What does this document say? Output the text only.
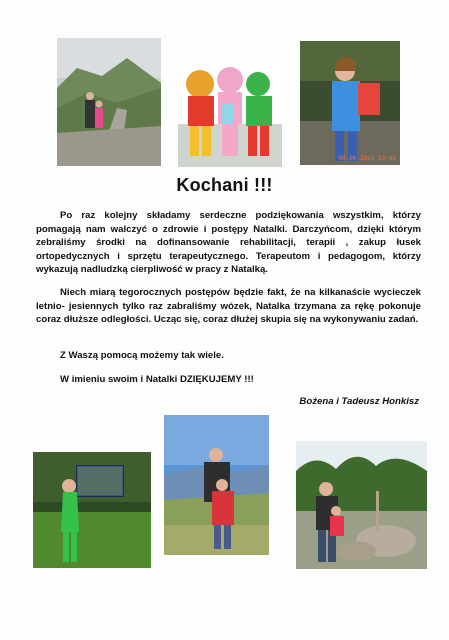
08.08.2014 13:00
Kochani !!!
Po raz kolejny składamy serdeczne podziękowania wszystkim, którzy pomagają nam walczyć o zdrowie i postępy Natalki. Darczyńcom, dzięki którym zebraliśmy środki na dofinansowanie rehabilitacji, terapii , zakup łusek ortopedycznych i sprzętu terapeutycznego. Terapeutom i pedagogom, którzy wykazują nadludzką cierpliwość w pracy z Natalką.
Niech miarą tegorocznych postępów będzie fakt, że na kilkanaście wycieczek letnio- jesiennych tylko raz zabraliśmy wózek, Natalka trzymana za rękę pokonuje coraz dłuższe odległości. Ucząc się, coraz dłużej skupia się na wykonywaniu zadań.
Z Waszą pomocą możemy tak wiele.
W imieniu swoim i Natalki DZIĘKUJEMY !!!
Bożena i Tadeusz Honkisz
